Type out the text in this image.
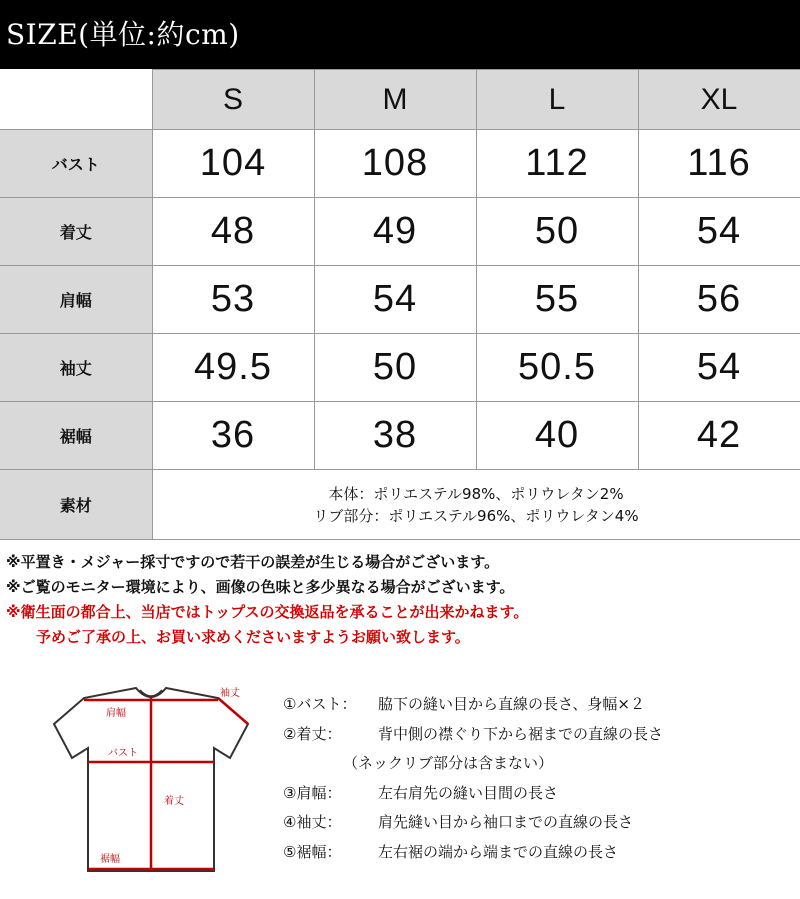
SIZE(単位:約cm)
	S	M	L	XL
バスト	104	108	112	116
着丈	48	49	50	54
肩幅	53	54	55	56
袖丈	49.5	50	50.5	54
裾幅	36	38	40	42
素材	本体：ポリエステル98%、ポリウレタン2%
リブ部分：ポリエステル96%、ポリウレタン4%			
※平置き・メジャー採寸ですので若干の誤差が生じる場合がございます。
※ご覧のモニター環境により、画像の色味と多少異なる場合がございます。
※衛生面の都合上、当店ではトップスの交換返品を承ることが出来かねます。
予めご了承の上、お買い求めくださいますようお願い致します。
袖丈
肩幅
バスト
着丈
裾幅
①バスト：	脇下の縫い目から直線の長さ、身幅×２
②着丈：	背中側の襟ぐり下から裾までの直線の長さ
（ネックリブ部分は含まない）
③肩幅：	左右肩先の縫い目間の長さ
④袖丈：	肩先縫い目から袖口までの直線の長さ
⑤裾幅：	左右裾の端から端までの直線の長さ
